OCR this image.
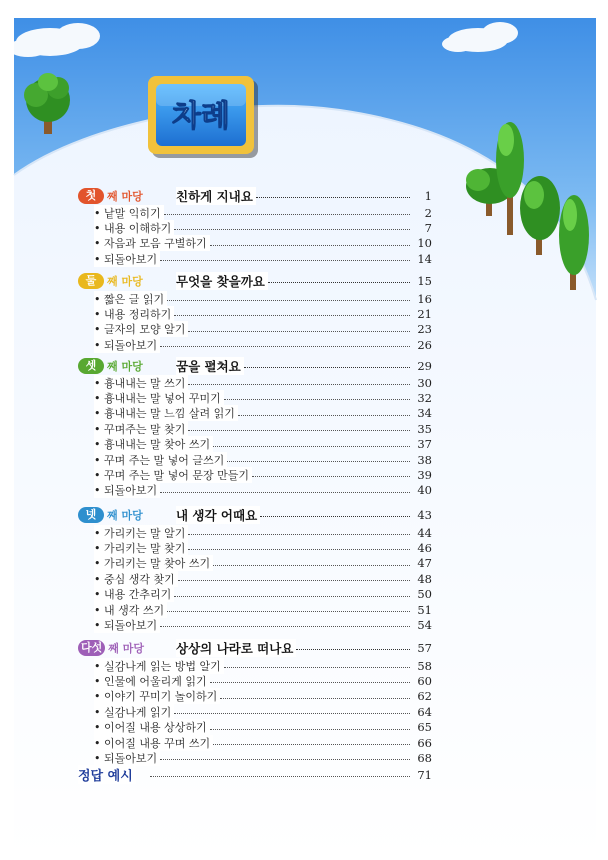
차례
첫 째 마당	친하게 지내요	1
• 낱말 익히기	2
• 내용 이해하기	7
• 자음과 모음 구별하기	10
• 되돌아보기	14
둘 째 마당	무엇을 찾을까요	15
• 짧은 글 읽기	16
• 내용 정리하기	21
• 글자의 모양 알기	23
• 되돌아보기	26
셋 째 마당	꿈을 펼쳐요	29
• 흉내내는 말 쓰기	30
• 흉내내는 말 넣어 꾸미기	32
• 흉내내는 말 느낌 살려 읽기	34
• 꾸며주는 말 찾기	35
• 흉내내는 말 찾아 쓰기	37
• 꾸며 주는 말 넣어 글쓰기	38
• 꾸며 주는 말 넣어 문장 만들기	39
• 되돌아보기	40
넷 째 마당	내 생각 어때요	43
• 가리키는 말 알기	44
• 가리키는 말 찾기	46
• 가리키는 말 찾아 쓰기	47
• 중심 생각 찾기	48
• 내용 간추리기	50
• 내 생각 쓰기	51
• 되돌아보기	54
다섯 째 마당	상상의 나라로 떠나요	57
• 실감나게 읽는 방법 알기	58
• 인물에 어울리게 읽기	60
• 이야기 꾸미기 놀이하기	62
• 실감나게 읽기	64
• 이어질 내용 상상하기	65
• 이어질 내용 꾸며 쓰기	66
• 되돌아보기	68
정답 예시	71
